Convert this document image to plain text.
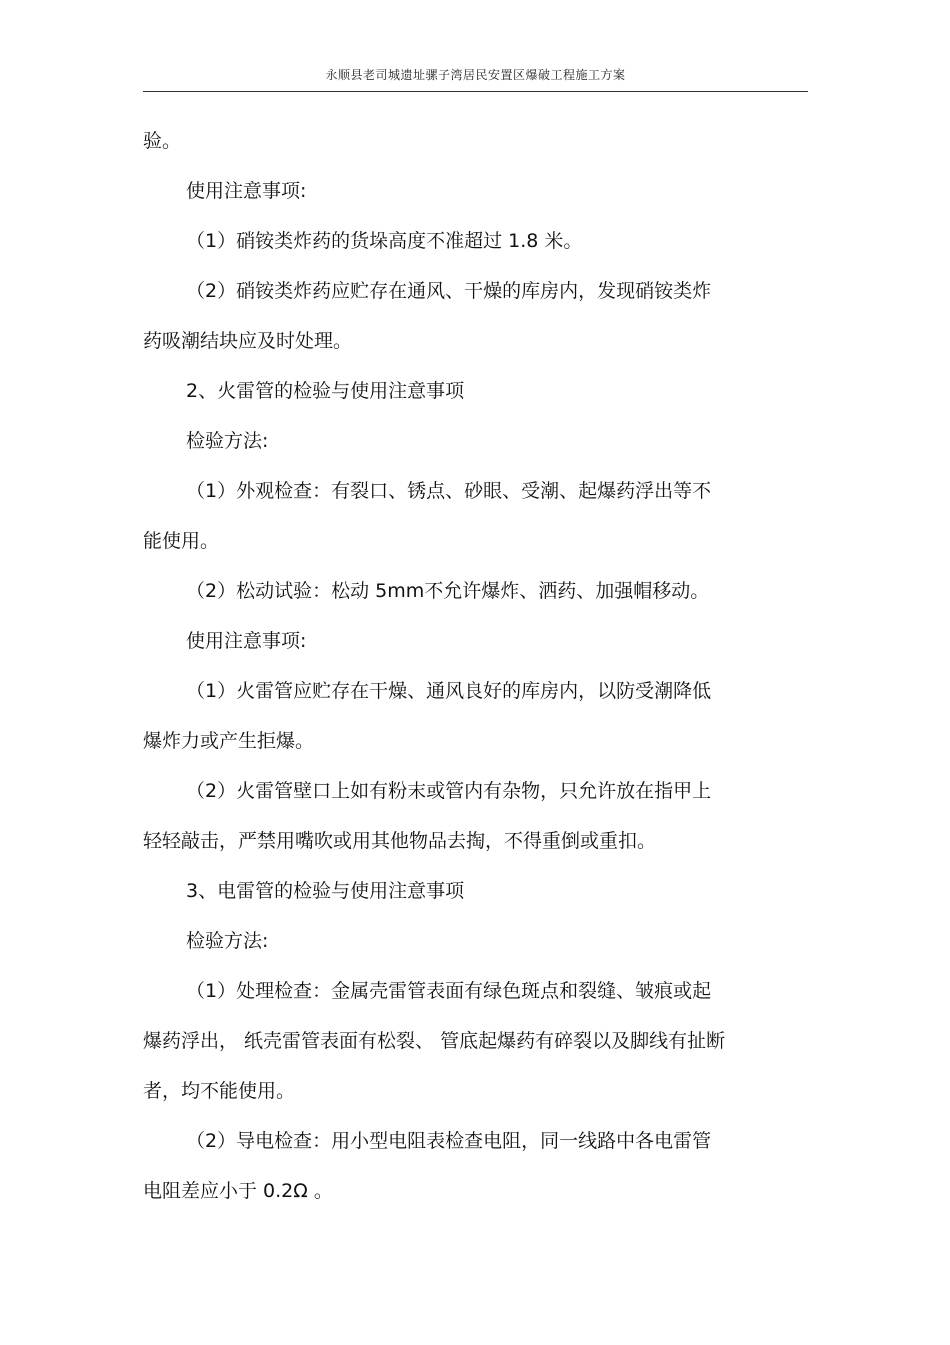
永顺县老司城遗址骡子湾居民安置区爆破工程施工方案
验。
使用注意事项:
（1）硝铵类炸药的货垛高度不准超过 1.8 米。
（2）硝铵类炸药应贮存在通风、干燥的库房内，发现硝铵类炸
药吸潮结块应及时处理。
2、火雷管的检验与使用注意事项
检验方法:
（1）外观检查：有裂口、锈点、砂眼、受潮、起爆药浮出等不
能使用。
（2）松动试验：松动 5mm不允许爆炸、洒药、加强帽移动。
使用注意事项:
（1）火雷管应贮存在干燥、通风良好的库房内，以防受潮降低
爆炸力或产生拒爆。
（2）火雷管壁口上如有粉末或管内有杂物，只允许放在指甲上
轻轻敲击，严禁用嘴吹或用其他物品去掏，不得重倒或重扣。
3、电雷管的检验与使用注意事项
检验方法:
（1）处理检查：金属壳雷管表面有绿色斑点和裂缝、皱痕或起
爆药浮出， 纸壳雷管表面有松裂、 管底起爆药有碎裂以及脚线有扯断
者，均不能使用。
（2）导电检查：用小型电阻表检查电阻，同一线路中各电雷管
电阻差应小于 0.2Ω 。
